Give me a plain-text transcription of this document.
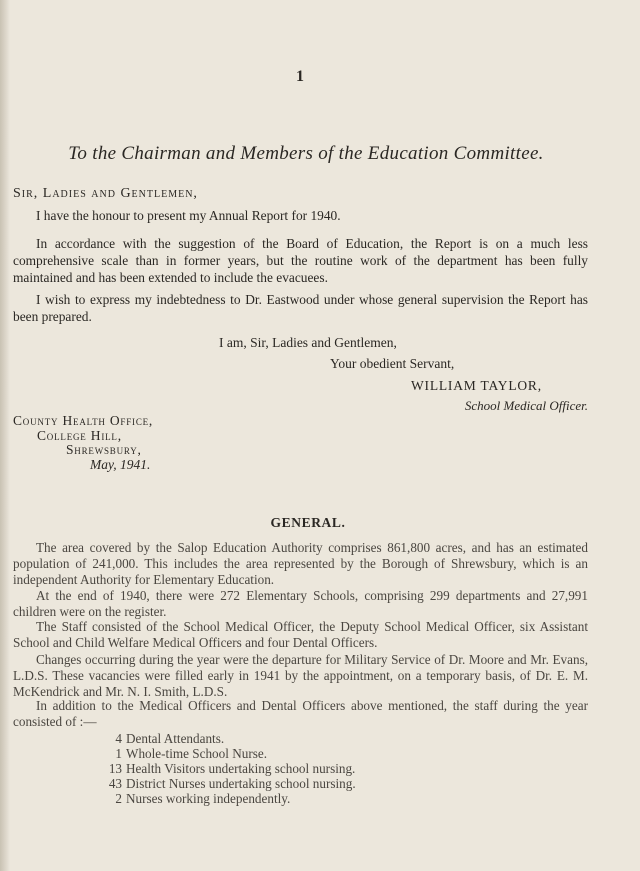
1
To the Chairman and Members of the Education Committee.
Sir, Ladies and Gentlemen,
I have the honour to present my Annual Report for 1940.
In accordance with the suggestion of the Board of Education, the Report is on a much less comprehensive scale than in former years, but the routine work of the department has been fully maintained and has been extended to include the evacuees.
I wish to express my indebtedness to Dr. Eastwood under whose general supervision the Report has been prepared.
I am, Sir, Ladies and Gentlemen,
Your obedient Servant,
WILLIAM TAYLOR,
School Medical Officer.
County Health Office,
College Hill,
Shrewsbury,
May, 1941.
GENERAL.
The area covered by the Salop Education Authority comprises 861,800 acres, and has an estimated population of 241,000. This includes the area represented by the Borough of Shrewsbury, which is an independent Authority for Elementary Education.
At the end of 1940, there were 272 Elementary Schools, comprising 299 departments and 27,991 children were on the register.
The Staff consisted of the School Medical Officer, the Deputy School Medical Officer, six Assistant School and Child Welfare Medical Officers and four Dental Officers.
Changes occurring during the year were the departure for Military Service of Dr. Moore and Mr. Evans, L.D.S. These vacancies were filled early in 1941 by the appointment, on a temporary basis, of Dr. E. M. McKendrick and Mr. N. I. Smith, L.D.S.
In addition to the Medical Officers and Dental Officers above mentioned, the staff during the year consisted of :—
4 Dental Attendants.
1 Whole-time School Nurse.
13 Health Visitors undertaking school nursing.
43 District Nurses undertaking school nursing.
2 Nurses working independently.
